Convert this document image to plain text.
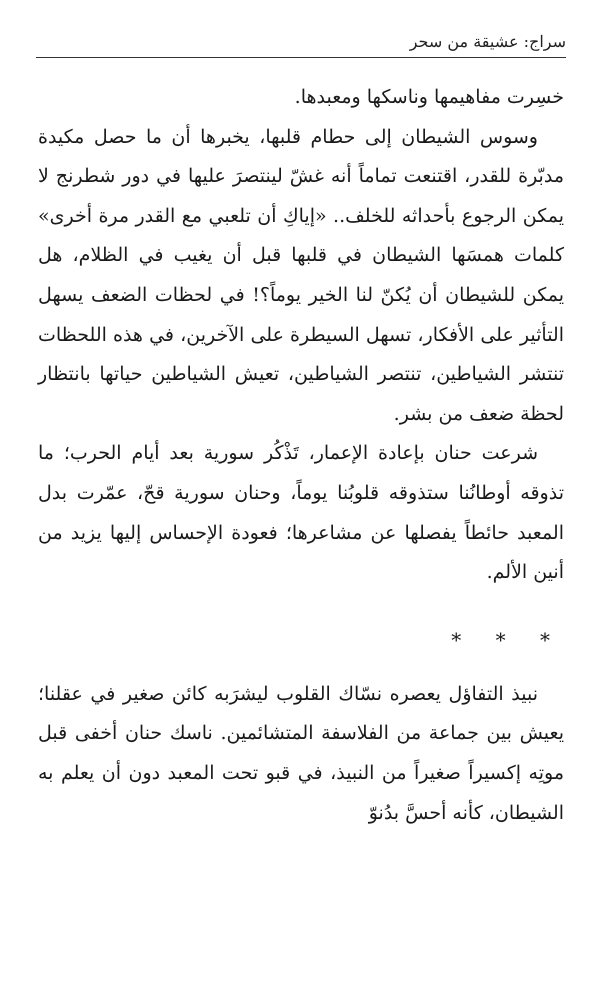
سراج: عشيقة من سحر

خسِرت مفاهيمها وناسكها ومعبدها.

وسوس الشيطان إلى حطام قلبها، يخبرها أن ما حصل مكيدة مدبّرة للقدر، اقتنعت تماماً أنه غشّ لينتصرَ عليها في دور شطرنج لا يمكن الرجوع بأحداثه للخلف.. «إياكِ أن تلعبي مع القدر مرة أخرى» كلمات همسَها الشيطان في قلبها قبل أن يغيب في الظلام، هل يمكن للشيطان أن يُكنّ لنا الخير يوماً؟! في لحظات الضعف يسهل التأثير على الأفكار، تسهل السيطرة على الآخرين، في هذه اللحظات تنتشر الشياطين، تنتصر الشياطين، تعيش الشياطين حياتها بانتظار لحظة ضعف من بشر.

شرعت حنان بإعادة الإعمار، تَذْكُر سورية بعد أيام الحرب؛ ما تذوقه أوطانُنا ستذوقه قلوبُنا يوماً، وحنان سورية قحّ، عمّرت بدل المعبد حائطاً يفصلها عن مشاعرها؛ فعودة الإحساس إليها يزيد من أنين الألم.

* * *

نبيذ التفاؤل يعصره نسّاك القلوب ليشرَبه كائن صغير في عقلنا؛ يعيش بين جماعة من الفلاسفة المتشائمين. ناسك حنان أخفى قبل موتِه إكسيراً صغيراً من النبيذ، في قبو تحت المعبد دون أن يعلم به الشيطان، كأنه أحسَّ بدُنوّ
